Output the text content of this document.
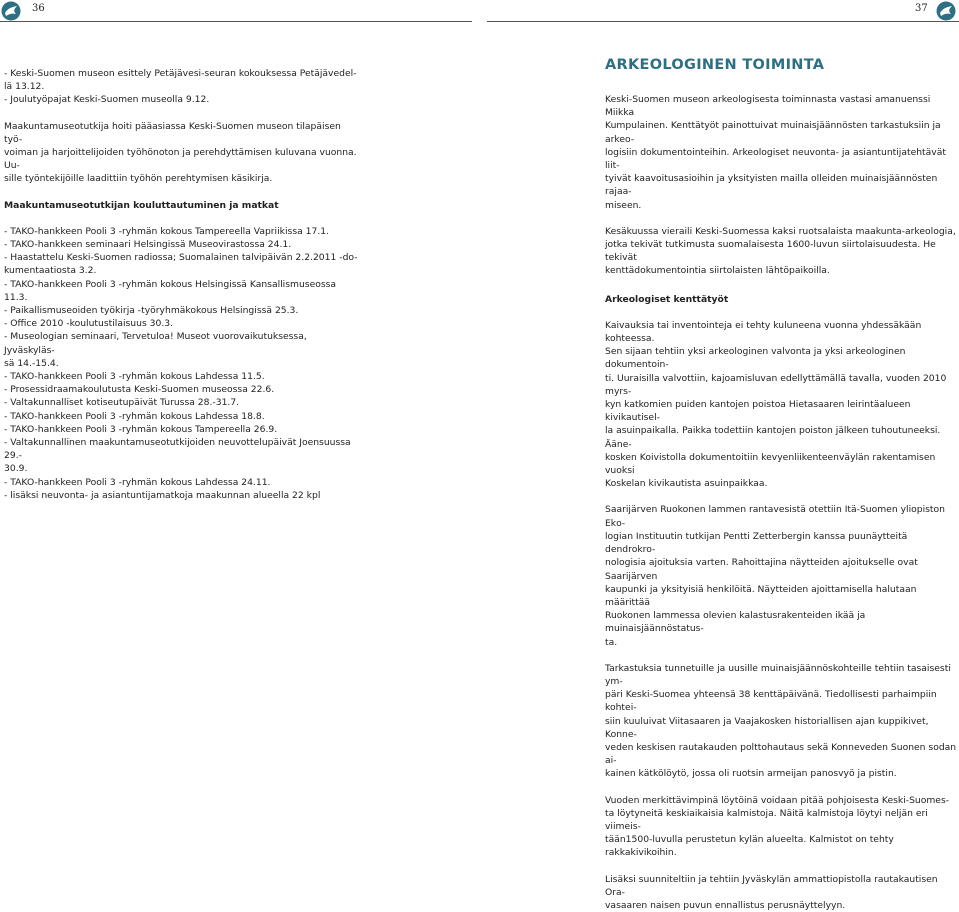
36	37
- Keski-Suomen museon esittely Petäjävesi-seuran kokouksessa Petäjävedel-
lä 13.12.
- Joulutyöpajat Keski-Suomen museolla 9.12.

Maakuntamuseotutkija hoiti pääasiassa Keski-Suomen museon tilapäisen työ-
voiman ja harjoittelijoiden työhönoton ja perehdyttämisen kuluvana vuonna. Uu-
sille työntekijöille laadittiin työhön perehtymisen käsikirja.

Maakuntamuseotutkijan kouluttautuminen ja matkat

- TAKO-hankkeen Pooli 3 -ryhmän kokous Tampereella Vapriikissa 17.1.
- TAKO-hankkeen seminaari Helsingissä Museovirastossa 24.1.
- Haastattelu Keski-Suomen radiossa; Suomalainen talvipäivän 2.2.2011 -do-
kumentaatiosta 3.2.
- TAKO-hankkeen Pooli 3 -ryhmän kokous Helsingissä Kansallismuseossa 11.3.
- Paikallismuseoiden työkirja -työryhmäkokous Helsingissä 25.3.
- Office 2010 -koulutustilaisuus 30.3.
- Museologian seminaari, Tervetuloa! Museot vuorovaikutuksessa, Jyväskyläs-
sä 14.-15.4.
- TAKO-hankkeen Pooli 3 -ryhmän kokous Lahdessa 11.5.
- Prosessidraamakoulutusta Keski-Suomen museossa 22.6.
- Valtakunnalliset kotiseutupäivät Turussa 28.-31.7.
- TAKO-hankkeen Pooli 3 -ryhmän kokous Lahdessa 18.8.
- TAKO-hankkeen Pooli 3 -ryhmän kokous Tampereella 26.9.
- Valtakunnallinen maakuntamuseotutkijoiden neuvottelupäivät Joensuussa 29.-
30.9.
- TAKO-hankkeen Pooli 3 -ryhmän kokous Lahdessa 24.11.
- lisäksi neuvonta- ja asiantuntijamatkoja maakunnan alueella 22 kpl
ARKEOLOGINEN TOIMINTA

Keski-Suomen museon arkeologisesta toiminnasta vastasi amanuenssi Miikka
Kumpulainen. Kenttätyöt painottuivat muinaisjäännösten tarkastuksiin ja arkeo-
logisiin dokumentointeihin. Arkeologiset neuvonta- ja asiantuntijatehtävät liit-
tyivät kaavoitusasioihin ja yksityisten mailla olleiden muinaisjäännösten rajaa-
miseen.

Kesäkuussa vieraili Keski-Suomessa kaksi ruotsalaista maakunta-arkeologia,
jotka tekivät tutkimusta suomalaisesta 1600-luvun siirtolaisuudesta. He tekivät
kenttädokumentointia siirtolaisten lähtöpaikoilla.

Arkeologiset kenttätyöt

Kaivauksia tai inventointeja ei tehty kuluneena vuonna yhdessäkään kohteessa.
Sen sijaan tehtiin yksi arkeologinen valvonta ja yksi arkeologinen dokumentoin-
ti. Uuraisilla valvottiin, kajoamisluvan edellyttämällä tavalla, vuoden 2010 myrs-
kyn katkomien puiden kantojen poistoa Hietasaaren leirintäalueen kivikautisel-
la asuinpaikalla. Paikka todettiin kantojen poiston jälkeen tuhoutuneeksi. Ääne-
kosken Koivistolla dokumentoitiin kevyenliikenteenväylän rakentamisen vuoksi
Koskelan kivikautista asuinpaikkaa.

Saarijärven Ruokonen lammen rantavesistä otettiin Itä-Suomen yliopiston Ekо-
logian Instituutin tutkijan Pentti Zetterbergin kanssa puunäytteitä dendrokro-
nologisia ajoituksia varten. Rahoittajina näytteiden ajoitukselle ovat Saarijärven
kaupunki ja yksityisiä henkilöitä. Näytteiden ajoittamisella halutaan määrittää
Ruokonen lammessa olevien kalastusrakenteiden ikää ja muinaisjäännöstatus-
ta.

Tarkastuksia tunnetuille ja uusille muinaisjäännöskohteille tehtiin tasaisesti ym-
päri Keski-Suomea yhteensä 38 kenttäpäivänä. Tiedollisesti parhaimpiin kohtei-
siin kuuluivat Viitasaaren ja Vaajakosken historiallisen ajan kuppikivet, Konne-
veden keskisen rautakauden polttohautaus sekä Konneveden Suonen sodan ai-
kainen kätkölöytö, jossa oli ruotsin armeijan panosvyö ja pistin.

Vuoden merkittävimpinä löytöinä voidaan pitää pohjoisesta Keski-Suomes-
ta löytyneitä keskiaikaisia kalmistoja. Näitä kalmistoja löytyi neljän eri viimeis-
tään1500-luvulla perustetun kylän alueelta. Kalmistot on tehty rakkakivikoihin.

Lisäksi suunniteltiin ja tehtiin Jyväskylän ammattiopistolla rautakautisen Ora-
vasaaren naisen puvun ennallistus perusnäyttelyyn.
